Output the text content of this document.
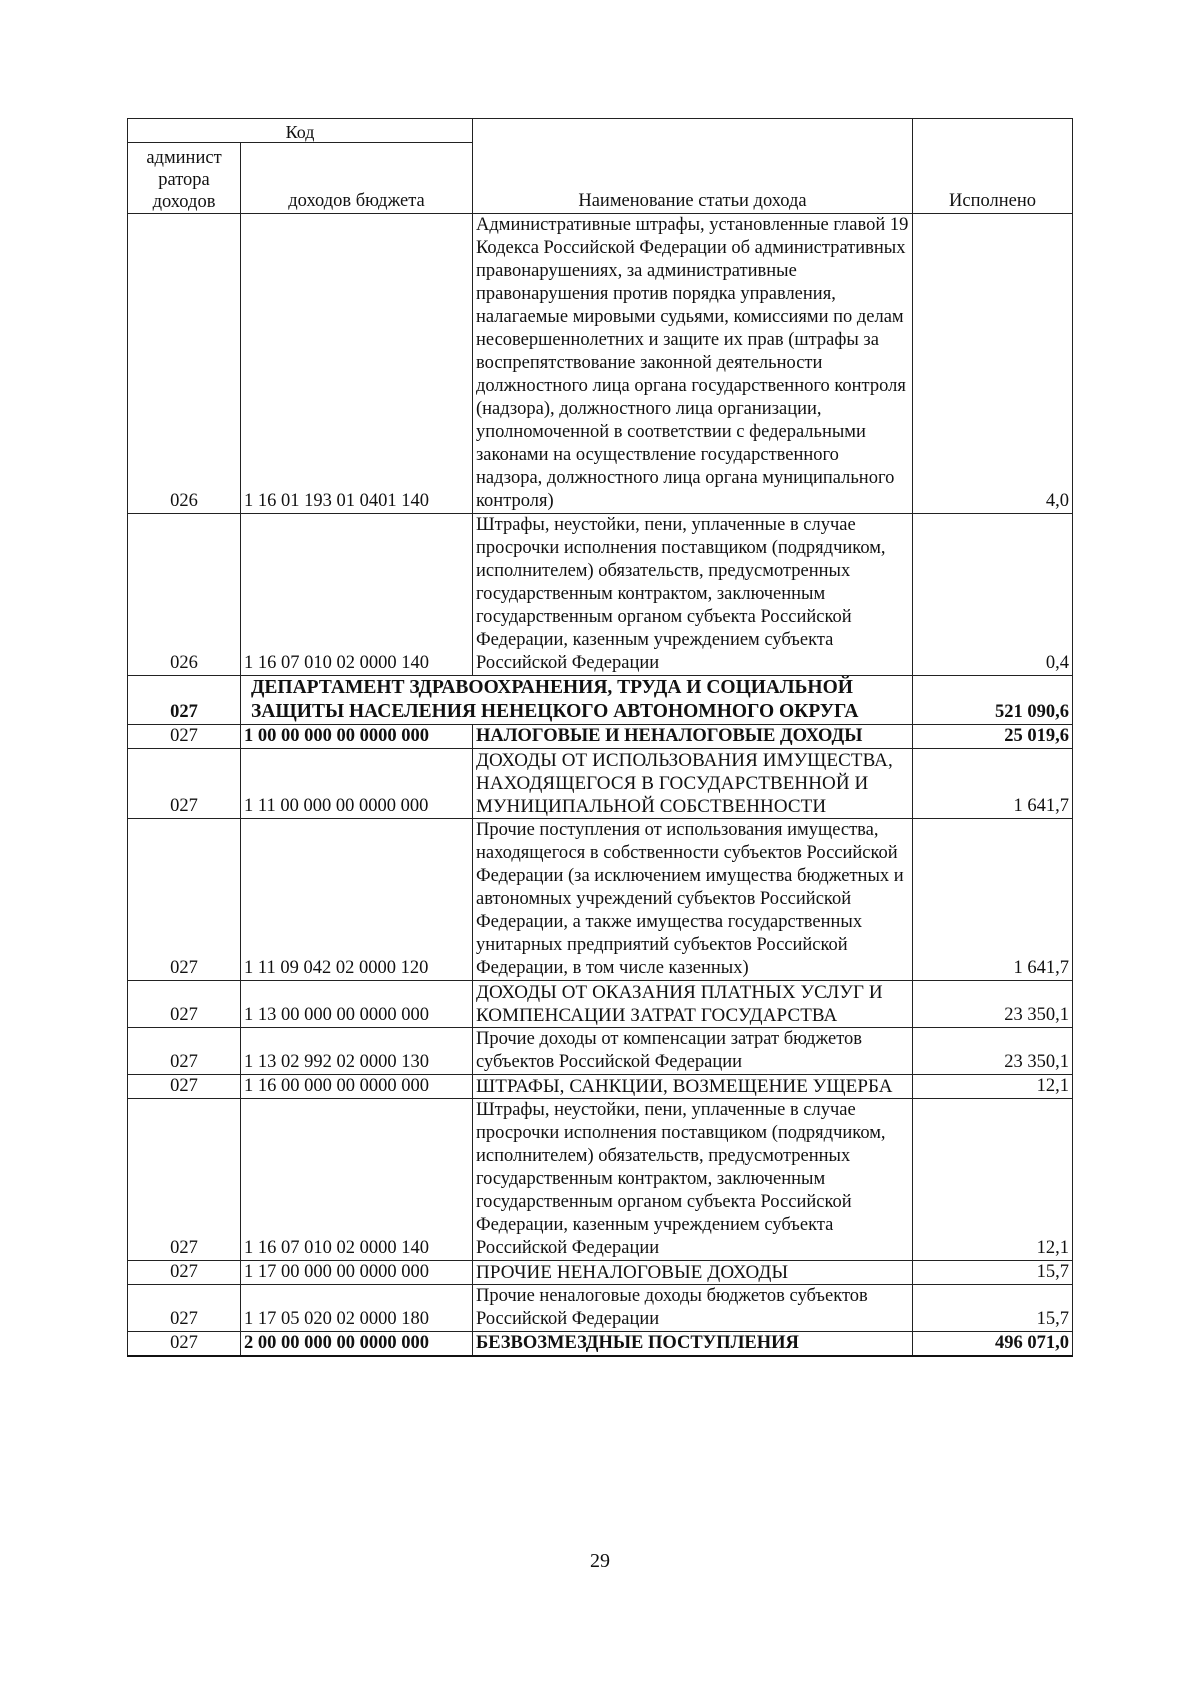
Код		Наименование статьи дохода	Исполнено
админист ратора доходов	доходов бюджета		
026	1 16 01 193 01 0401 140	Административные штрафы, установленные главой 19 Кодекса Российской Федерации об административных правонарушениях, за административные правонарушения против порядка управления, налагаемые мировыми судьями, комиссиями по делам несовершеннолетних и защите их прав (штрафы за воспрепятствование законной деятельности должностного лица органа государственного контроля (надзора), должностного лица организации, уполномоченной в соответствии с федеральными законами на осуществление государственного надзора, должностного лица органа муниципального контроля)	4,0
026	1 16 07 010 02 0000 140	Штрафы, неустойки, пени, уплаченные в случае просрочки исполнения поставщиком (подрядчиком, исполнителем) обязательств, предусмотренных государственным контрактом, заключенным государственным органом субъекта Российской Федерации, казенным учреждением субъекта Российской Федерации	0,4
027	ДЕПАРТАМЕНТ ЗДРАВООХРАНЕНИЯ, ТРУДА И СОЦИАЛЬНОЙ ЗАЩИТЫ НАСЕЛЕНИЯ НЕНЕЦКОГО АВТОНОМНОГО ОКРУГА		521 090,6
027	1 00 00 000 00 0000 000	НАЛОГОВЫЕ И НЕНАЛОГОВЫЕ ДОХОДЫ	25 019,6
027	1 11 00 000 00 0000 000	ДОХОДЫ ОТ ИСПОЛЬЗОВАНИЯ ИМУЩЕСТВА, НАХОДЯЩЕГОСЯ В ГОСУДАРСТВЕННОЙ И МУНИЦИПАЛЬНОЙ СОБСТВЕННОСТИ	1 641,7
027	1 11 09 042 02 0000 120	Прочие поступления от использования имущества, находящегося в собственности субъектов Российской Федерации (за исключением имущества бюджетных и автономных учреждений субъектов Российской Федерации, а также имущества государственных унитарных предприятий субъектов Российской Федерации, в том числе казенных)	1 641,7
027	1 13 00 000 00 0000 000	ДОХОДЫ ОТ ОКАЗАНИЯ ПЛАТНЫХ УСЛУГ И КОМПЕНСАЦИИ ЗАТРАТ ГОСУДАРСТВА	23 350,1
027	1 13 02 992 02 0000 130	Прочие доходы от компенсации затрат бюджетов субъектов Российской Федерации	23 350,1
027	1 16 00 000 00 0000 000	ШТРАФЫ, САНКЦИИ, ВОЗМЕЩЕНИЕ УЩЕРБА	12,1
027	1 16 07 010 02 0000 140	Штрафы, неустойки, пени, уплаченные в случае просрочки исполнения поставщиком (подрядчиком, исполнителем) обязательств, предусмотренных государственным контрактом, заключенным государственным органом субъекта Российской Федерации, казенным учреждением субъекта Российской Федерации	12,1
027	1 17 00 000 00 0000 000	ПРОЧИЕ НЕНАЛОГОВЫЕ ДОХОДЫ	15,7
027	1 17 05 020 02 0000 180	Прочие неналоговые доходы бюджетов субъектов Российской Федерации	15,7
027	2 00 00 000 00 0000 000	БЕЗВОЗМЕЗДНЫЕ ПОСТУПЛЕНИЯ	496 071,0
29
